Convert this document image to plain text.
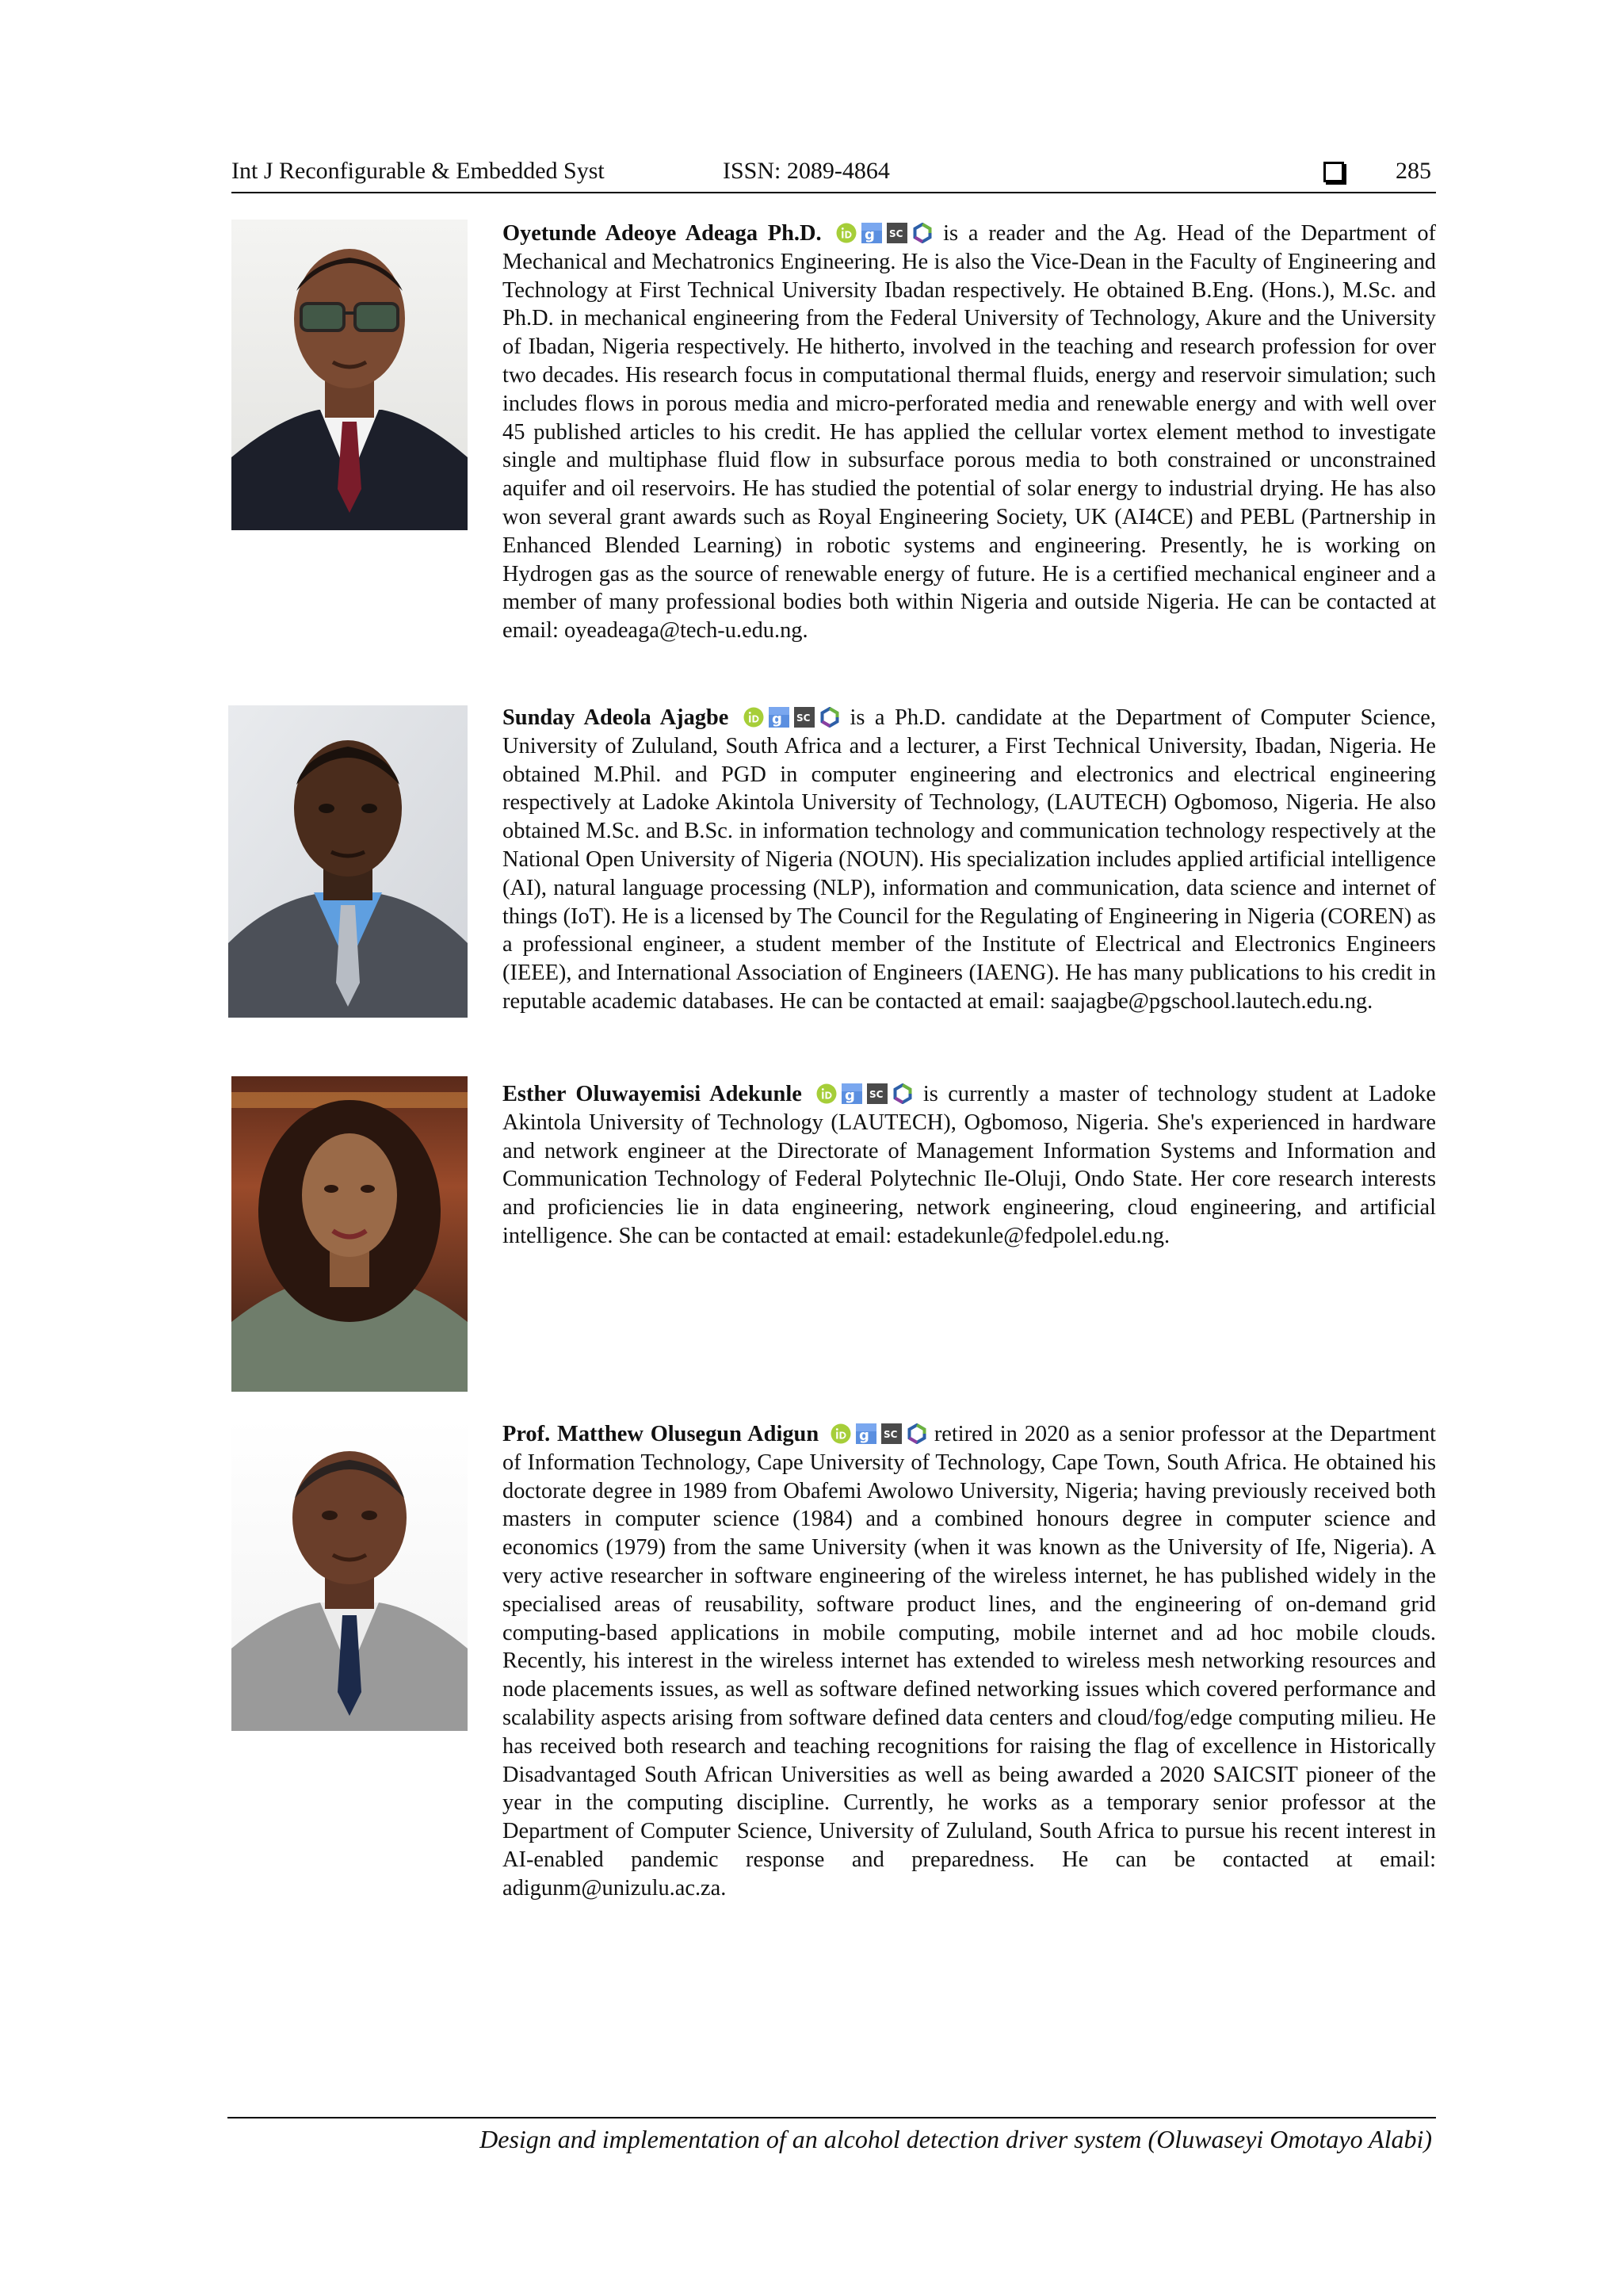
Int J Reconfigurable & Embedded Syst	ISSN: 2089-4864	285

Oyetunde Adeoye Adeaga Ph.D.	is a reader and the Ag. Head of the Department of Mechanical and Mechatronics Engineering. He is also the Vice-Dean in the Faculty of Engineering and Technology at First Technical University Ibadan respectively. He obtained B.Eng. (Hons.), M.Sc. and Ph.D. in mechanical engineering from the Federal University of Technology, Akure and the University of Ibadan, Nigeria respectively. He hitherto, involved in the teaching and research profession for over two decades. His research focus in computational thermal fluids, energy and reservoir simulation; such includes flows in porous media and micro-perforated media and renewable energy and with well over 45 published articles to his credit. He has applied the cellular vortex element method to investigate single and multiphase fluid flow in subsurface porous media to both constrained or unconstrained aquifer and oil reservoirs. He has studied the potential of solar energy to industrial drying. He has also won several grant awards such as Royal Engineering Society, UK (AI4CE) and PEBL (Partnership in Enhanced Blended Learning) in robotic systems and engineering. Presently, he is working on Hydrogen gas as the source of renewable energy of future. He is a certified mechanical engineer and a member of many professional bodies both within Nigeria and outside Nigeria. He can be contacted at email: oyeadeaga@tech-u.edu.ng.

Sunday Adeola Ajagbe	is a Ph.D. candidate at the Department of Computer Science, University of Zululand, South Africa and a lecturer, a First Technical University, Ibadan, Nigeria. He obtained M.Phil. and PGD in computer engineering and electronics and electrical engineering respectively at Ladoke Akintola University of Technology, (LAUTECH) Ogbomoso, Nigeria. He also obtained M.Sc. and B.Sc. in information technology and communication technology respectively at the National Open University of Nigeria (NOUN). His specialization includes applied artificial intelligence (AI), natural language processing (NLP), information and communication, data science and internet of things (IoT). He is a licensed by The Council for the Regulating of Engineering in Nigeria (COREN) as a professional engineer, a student member of the Institute of Electrical and Electronics Engineers (IEEE), and International Association of Engineers (IAENG). He has many publications to his credit in reputable academic databases. He can be contacted at email: saajagbe@pgschool.lautech.edu.ng.

Esther Oluwayemisi Adekunle	is currently a master of technology student at Ladoke Akintola University of Technology (LAUTECH), Ogbomoso, Nigeria. She's experienced in hardware and network engineer at the Directorate of Management Information Systems and Information and Communication Technology of Federal Polytechnic Ile-Oluji, Ondo State. Her core research interests and proficiencies lie in data engineering, network engineering, cloud engineering, and artificial intelligence. She can be contacted at email: estadekunle@fedpolel.edu.ng.

Prof. Matthew Olusegun Adigun	retired in 2020 as a senior professor at the Department of Information Technology, Cape University of Technology, Cape Town, South Africa. He obtained his doctorate degree in 1989 from Obafemi Awolowo University, Nigeria; having previously received both masters in computer science (1984) and a combined honours degree in computer science and economics (1979) from the same University (when it was known as the University of Ife, Nigeria). A very active researcher in software engineering of the wireless internet, he has published widely in the specialised areas of reusability, software product lines, and the engineering of on-demand grid computing-based applications in mobile computing, mobile internet and ad hoc mobile clouds. Recently, his interest in the wireless internet has extended to wireless mesh networking resources and node placements issues, as well as software defined networking issues which covered performance and scalability aspects arising from software defined data centers and cloud/fog/edge computing milieu. He has received both research and teaching recognitions for raising the flag of excellence in Historically Disadvantaged South African Universities as well as being awarded a 2020 SAICSIT pioneer of the year in the computing discipline. Currently, he works as a temporary senior professor at the Department of Computer Science, University of Zululand, South Africa to pursue his recent interest in AI-enabled pandemic response and preparedness. He can be contacted at email: adigunm@unizulu.ac.za.

Design and implementation of an alcohol detection driver system (Oluwaseyi Omotayo Alabi)
